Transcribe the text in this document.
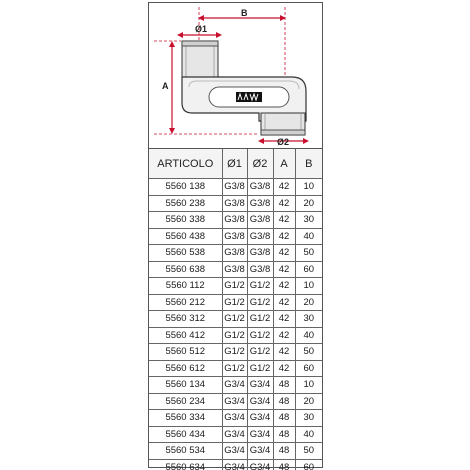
B
Ø1
A
Ø2
ARTICOLO	Ø1	Ø2	A	B
5560 138	G3/8	G3/8	42	10
5560 238	G3/8	G3/8	42	20
5560 338	G3/8	G3/8	42	30
5560 438	G3/8	G3/8	42	40
5560 538	G3/8	G3/8	42	50
5560 638	G3/8	G3/8	42	60
5560 112	G1/2	G1/2	42	10
5560 212	G1/2	G1/2	42	20
5560 312	G1/2	G1/2	42	30
5560 412	G1/2	G1/2	42	40
5560 512	G1/2	G1/2	42	50
5560 612	G1/2	G1/2	42	60
5560 134	G3/4	G3/4	48	10
5560 234	G3/4	G3/4	48	20
5560 334	G3/4	G3/4	48	30
5560 434	G3/4	G3/4	48	40
5560 534	G3/4	G3/4	48	50
5560 634	G3/4	G3/4	48	60
